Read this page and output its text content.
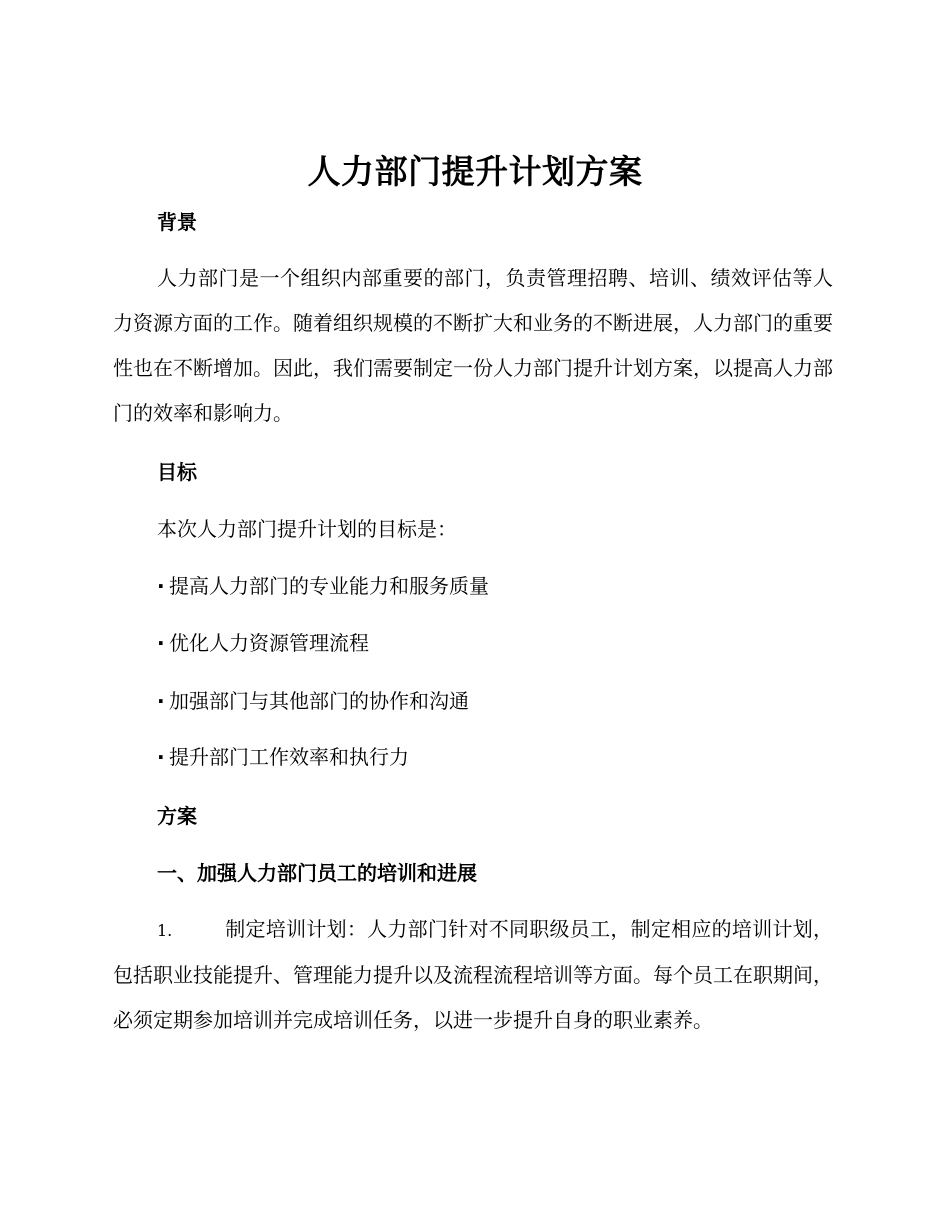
人力部门提升计划方案
背景
人力部门是一个组织内部重要的部门，负责管理招聘、培训、绩效评估等人力资源方面的工作。随着组织规模的不断扩大和业务的不断进展，人力部门的重要性也在不断增加。因此，我们需要制定一份人力部门提升计划方案，以提高人力部门的效率和影响力。
目标
本次人力部门提升计划的目标是：
· 提高人力部门的专业能力和服务质量
· 优化人力资源管理流程
· 加强部门与其他部门的协作和沟通
· 提升部门工作效率和执行力
方案
一、加强人力部门员工的培训和进展
1.	制定培训计划：人力部门针对不同职级员工，制定相应的培训计划，包括职业技能提升、管理能力提升以及流程流程培训等方面。每个员工在职期间，必须定期参加培训并完成培训任务，以进一步提升自身的职业素养。
